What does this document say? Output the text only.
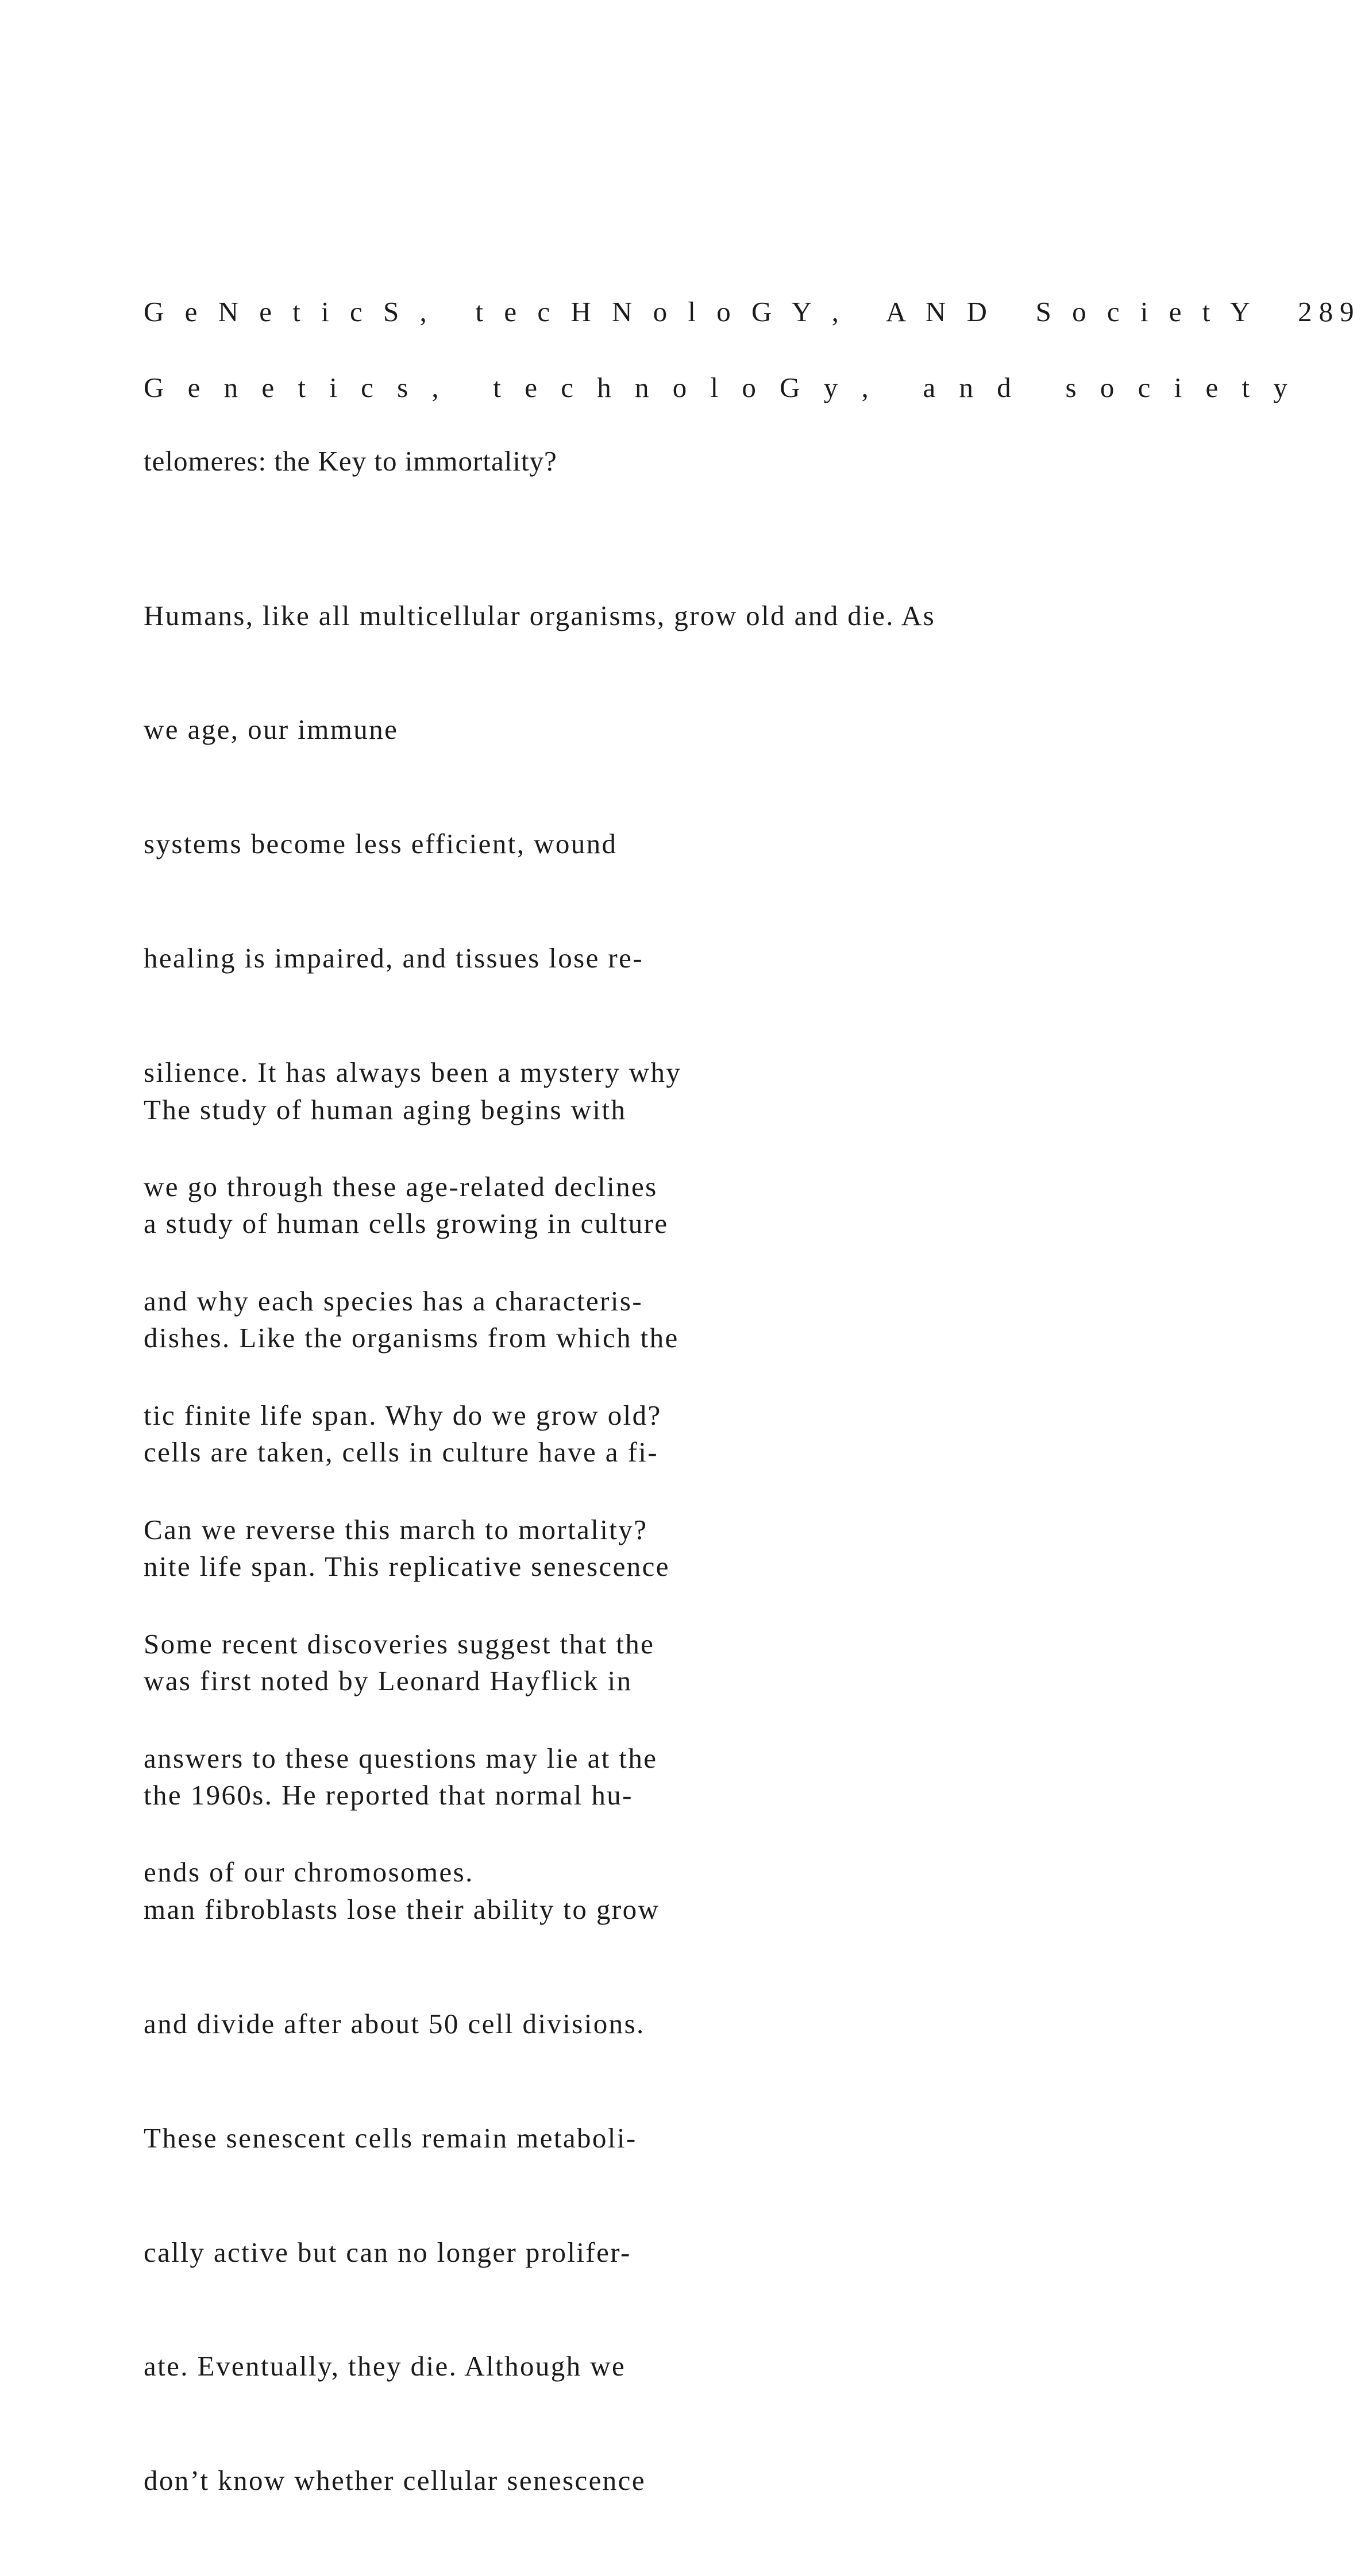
G e N e t i c S ,   t e c H N o l o G Y ,   A N D   S o c i e t Y   289
G e n e t i c s ,   t e c h n o l o G y ,   a n d   s o c i e t y
telomeres: the Key to immortality?

Humans, like all multicellular organisms, grow old and die. As

we age, our immune

systems become less efficient, wound

healing is impaired, and tissues lose re-

silience. It has always been a mystery why

we go through these age-related declines

and why each species has a characteris-

tic finite life span. Why do we grow old?

Can we reverse this march to mortality?

Some recent discoveries suggest that the

answers to these questions may lie at the

ends of our chromosomes.

The study of human aging begins with

a study of human cells growing in culture

dishes. Like the organisms from which the

cells are taken, cells in culture have a fi-

nite life span. This replicative senescence

was first noted by Leonard Hayflick in

the 1960s. He reported that normal hu-

man fibroblasts lose their ability to grow

and divide after about 50 cell divisions.

These senescent cells remain metaboli-

cally active but can no longer prolifer-

ate. Eventually, they die. Although we

don’t know whether cellular senescence
